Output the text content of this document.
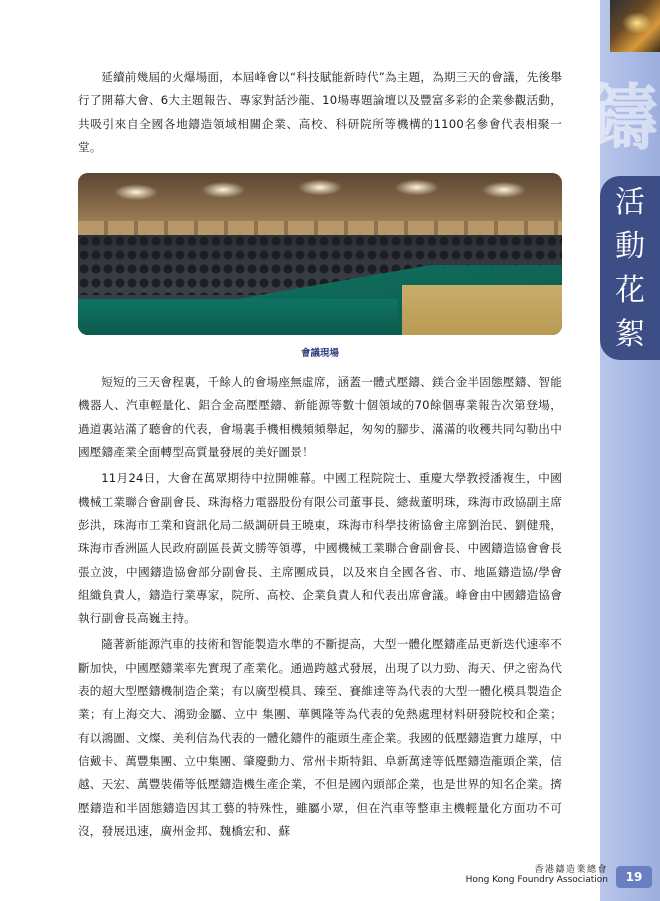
鑄
活
動
花
絮

延續前幾屆的火爆場面，本屆峰會以“科技賦能新時代”為主題，為期三天的會議，先後舉行了開幕大會、6大主題報告、專家對話沙龍、10場專題論壇以及豐富多彩的企業參觀活動，共吸引來自全國各地鑄造領域相關企業、高校、科研院所等機構的1100名參會代表相聚一堂。

會議現場

短短的三天會程裏，千餘人的會場座無虛席，涵蓋一體式壓鑄、鎂合金半固態壓鑄、智能機器人、汽車輕量化、鋁合金高壓壓鑄、新能源等數十個領域的70餘個專業報告次第登場，過道裏站滿了聽會的代表，會場裏手機相機頻頻舉起，匆匆的腳步、滿滿的收穫共同勾勒出中國壓鑄產業全面轉型高質量發展的美好圖景！

11月24日，大會在萬眾期待中拉開帷幕。中國工程院院士、重慶大學教授潘複生，中國機械工業聯合會副會長、珠海格力電器股份有限公司董事長、總裁董明珠，珠海市政協副主席彭洪，珠海市工業和資訊化局二級調研員王曉東，珠海市科學技術協會主席劉治民、劉健飛，珠海市香洲區人民政府副區長黃文勝等領導，中國機械工業聯合會副會長、中國鑄造協會會長張立波，中國鑄造協會部分副會長、主席團成員，以及來自全國各省、市、地區鑄造協/學會組織負責人，鑄造行業專家，院所、高校、企業負責人和代表出席會議。峰會由中國鑄造協會執行副會長高巍主持。

隨著新能源汽車的技術和智能製造水準的不斷提高，大型一體化壓鑄產品更新迭代速率不斷加快，中國壓鑄業率先實現了產業化。通過跨越式發展，出現了以力勁、海天、伊之密為代表的超大型壓鑄機制造企業；有以廣型模具、臻至、賽維達等為代表的大型一體化模具製造企業；有上海交大、鴻勁金屬、立中 集團、華興隆等為代表的免熱處理材料研發院校和企業；有以鴻圖、文燦、美利信為代表的一體化鑄件的龍頭生產企業。我國的低壓鑄造實力雄厚，中信戴卡、萬豐集團、立中集團、肇慶動力、常州卡斯特鋁、阜新萬達等低壓鑄造龍頭企業，信越、天宏、萬豐裝備等低壓鑄造機生產企業，不但是國內頭部企業，也是世界的知名企業。擠壓鑄造和半固態鑄造因其工藝的特殊性，雖屬小眾，但在汽車等整車主機輕量化方面功不可沒，發展迅速，廣州金邦、魏橋宏和、蘇

香港鑄造業總會
Hong Kong Foundry Association	19
